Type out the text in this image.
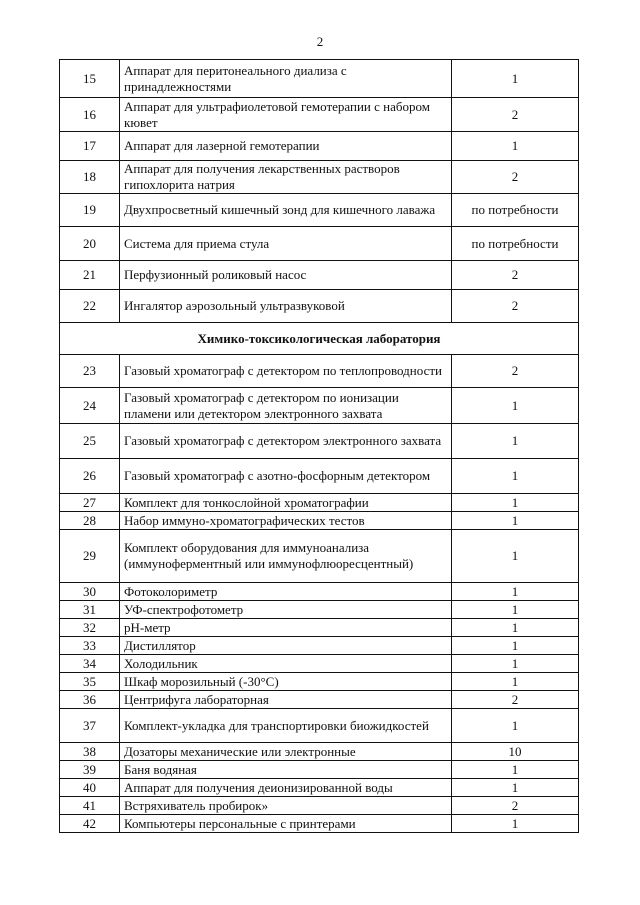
2
15	Аппарат для перитонеального диализа с принадлежностями	1
16	Аппарат для ультрафиолетовой гемотерапии с набором кювет	2
17	Аппарат для лазерной гемотерапии	1
18	Аппарат для получения лекарственных растворов гипохлорита натрия	2
19	Двухпросветный кишечный зонд для кишечного лаважа	по потребности
20	Система для приема стула	по потребности
21	Перфузионный роликовый насос	2
22	Ингалятор аэрозольный ультразвуковой	2
Химико-токсикологическая лаборатория		
23	Газовый хроматограф с детектором по теплопроводности	2
24	Газовый хроматограф с детектором по ионизации пламени или детектором электронного захвата	1
25	Газовый хроматограф с детектором электронного захвата	1
26	Газовый хроматограф с азотно-фосфорным детектором	1
27	Комплект для тонкослойной хроматографии	1
28	Набор иммуно-хроматографических тестов	1
29	Комплект оборудования для иммуноанализа (иммуноферментный или иммунофлюоресцентный)	1
30	Фотоколориметр	1
31	УФ-спектрофотометр	1
32	pH-метр	1
33	Дистиллятор	1
34	Холодильник	1
35	Шкаф морозильный (-30°С)	1
36	Центрифуга лабораторная	2
37	Комплект-укладка для транспортировки биожидкостей	1
38	Дозаторы механические или электронные	10
39	Баня водяная	1
40	Аппарат для получения деионизированной воды	1
41	Встряхиватель пробирок»	2
42	Компьютеры персональные с принтерами	1
